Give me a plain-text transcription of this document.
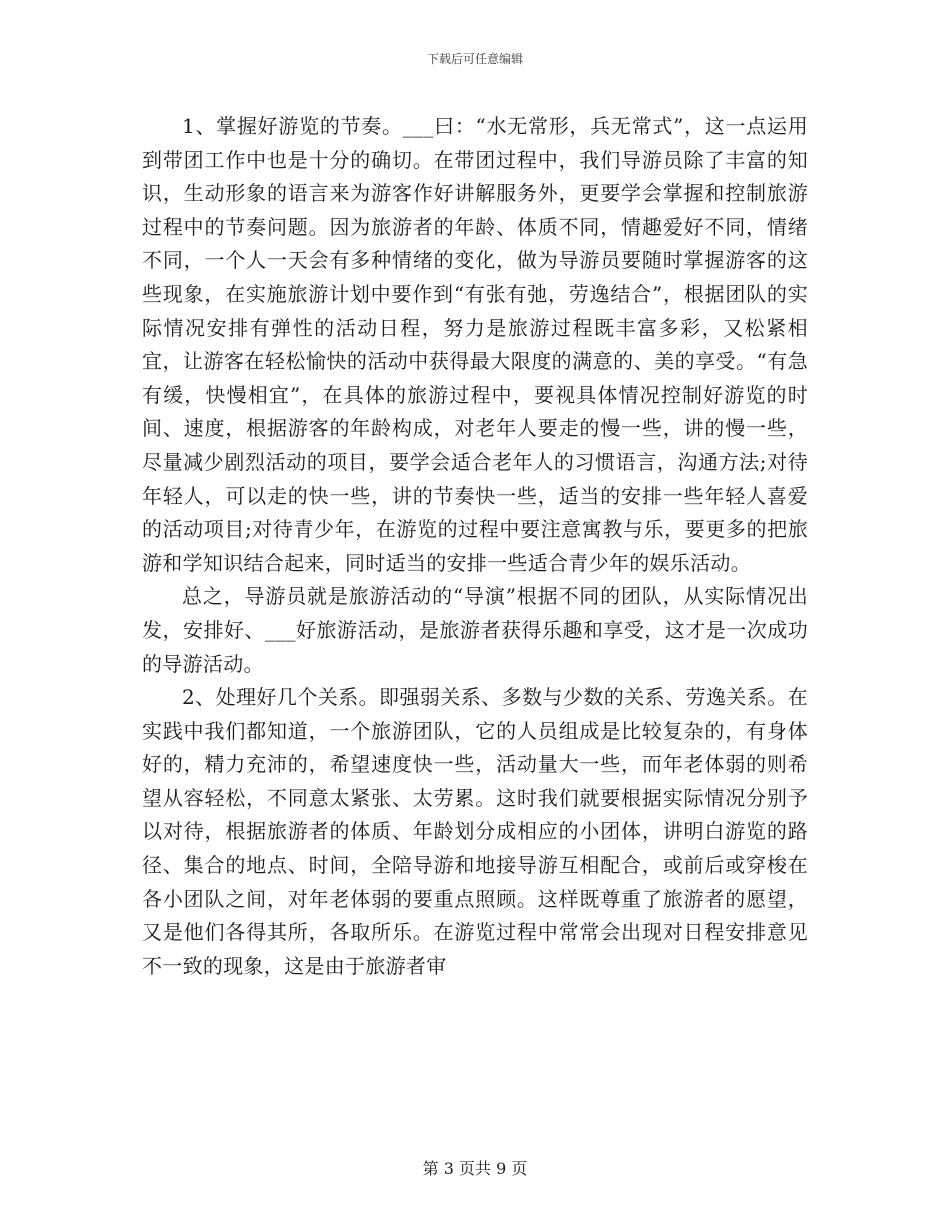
下载后可任意编辑

1、掌握好游览的节奏。___曰：“水无常形，兵无常式”，这一点运用到带团工作中也是十分的确切。在带团过程中，我们导游员除了丰富的知识，生动形象的语言来为游客作好讲解服务外，更要学会掌握和控制旅游过程中的节奏问题。因为旅游者的年龄、体质不同，情趣爱好不同，情绪不同，一个人一天会有多种情绪的变化，做为导游员要随时掌握游客的这些现象，在实施旅游计划中要作到“有张有弛，劳逸结合”，根据团队的实际情况安排有弹性的活动日程，努力是旅游过程既丰富多彩，又松紧相宜，让游客在轻松愉快的活动中获得最大限度的满意的、美的享受。“有急有缓，快慢相宜”，在具体的旅游过程中，要视具体情况控制好游览的时间、速度，根据游客的年龄构成，对老年人要走的慢一些，讲的慢一些，尽量减少剧烈活动的项目，要学会适合老年人的习惯语言，沟通方法;对待年轻人，可以走的快一些，讲的节奏快一些，适当的安排一些年轻人喜爱的活动项目;对待青少年，在游览的过程中要注意寓教与乐，要更多的把旅游和学知识结合起来，同时适当的安排一些适合青少年的娱乐活动。

总之，导游员就是旅游活动的“导演”根据不同的团队，从实际情况出发，安排好、___好旅游活动，是旅游者获得乐趣和享受，这才是一次成功的导游活动。

2、处理好几个关系。即强弱关系、多数与少数的关系、劳逸关系。在实践中我们都知道，一个旅游团队，它的人员组成是比较复杂的，有身体好的，精力充沛的，希望速度快一些，活动量大一些，而年老体弱的则希望从容轻松，不同意太紧张、太劳累。这时我们就要根据实际情况分别予以对待，根据旅游者的体质、年龄划分成相应的小团体，讲明白游览的路径、集合的地点、时间，全陪导游和地接导游互相配合，或前后或穿梭在各小团队之间，对年老体弱的要重点照顾。这样既尊重了旅游者的愿望，又是他们各得其所，各取所乐。在游览过程中常常会出现对日程安排意见不一致的现象，这是由于旅游者审

第 3 页共 9 页
